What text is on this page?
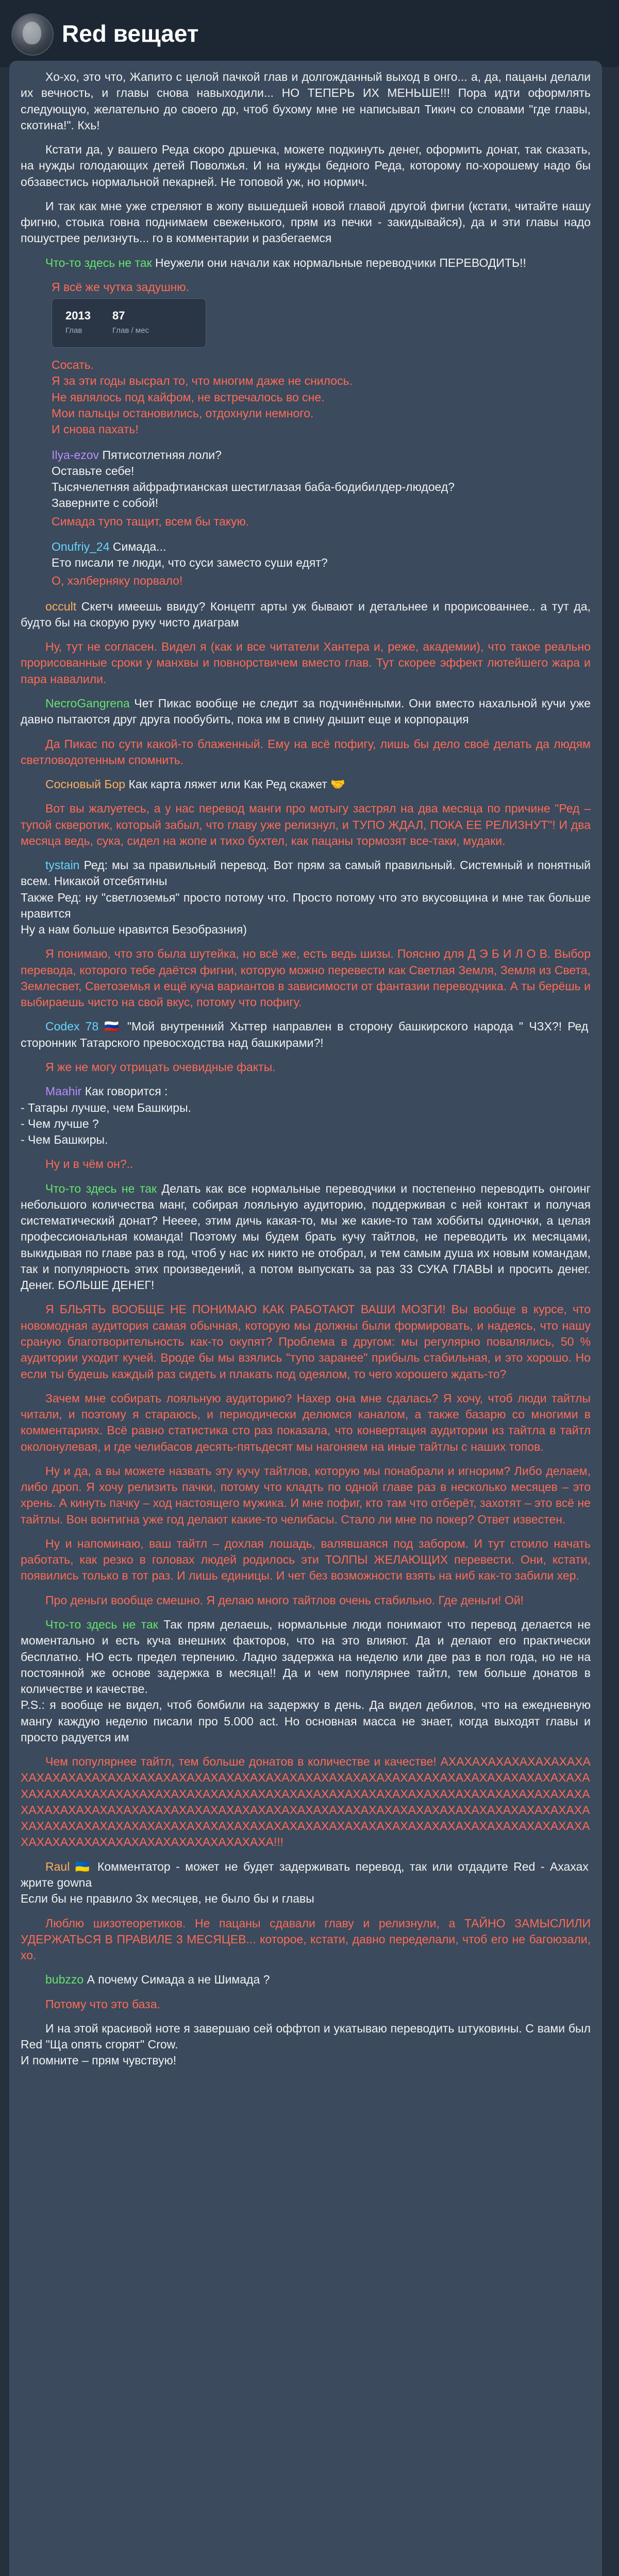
Red вещает

Хо-хо, это что, Жапито с целой пачкой глав и долгожданный выход в онго... а, да, пацаны делали их вечность, и главы снова навыходили... НО ТЕПЕРЬ ИХ МЕНЬШЕ!!! Пора идти оформлять следующую, желательно до своего др, чтоб бухому мне не написывал Тикич со словами "где главы, скотина!". Кхь!

Кстати да, у вашего Реда скоро дршечка, можете подкинуть денег, оформить донат, так сказать, на нужды голодающих детей Поволжья. И на нужды бедного Реда, которому по-хорошему надо бы обзавестись нормальной пекарней. Не топовой уж, но нормич.

И так как мне уже стреляют в жопу вышедшей новой главой другой фигни (кстати, читайте нашу фигню, стоыка говна поднимаем свеженького, прям из печки - закидывайся), да и эти главы надо пошустрее релизнуть... го в комментарии и разбегаемся

Что-то здесь не так Неужели они начали как нормальные переводчики ПЕРЕВОДИТЬ!!

Я всё же чутка задушню.
2013
Глав
87
Глав / мес
Сосать.
Я за эти годы высрал то, что многим даже не снилось.
Не являлось под кайфом, не встречалось во сне.
Мои пальцы остановились, отдохнули немного.
И снова пахать!
Ilya-ezov Пятисотлетняя лоли?
Оставьте себе!
Тысячелетняя айфрафтианская шестиглазая баба-бодибилдер-людоед?
Завернитe с собой!
Симада тупо тащит, всем бы такую.
Onufriy_24 Симада...
Ето писали те люди, что суси заместо суши едят?
О, хэлберняку порвало!

occult Скетч имеешь ввиду? Концепт арты уж бывают и детальнее и прорисованнее.. а тут да, будто бы на скорую руку чисто диаграм

Ну, тут не согласен. Видел я (как и все читатели Хантера и, реже, академии), что такое реально прорисованные сроки у манхвы и повнорствичем вместо глав. Тут скорее эффект лютейшего жара и пара навалили.

NecroGangrena Чет Пикас вообще не следит за подчинёнными. Они вместо нахальной кучи уже давно пытаются друг друга пообубить, пока им в спину дышит еще и корпорация

Да Пикас по сути какой-то блаженный. Ему на всё пофигу, лишь бы дело своё делать да людям светловодотенным спомнить.

Сосновый Бор Как карта ляжет или Как Ред скажет 🤝

Вот вы жалуетесь, а у нас перевод манги про мотыгу застрял на два месяца по причине "Ред – тупой скверотик, который забыл, что главу уже релизнул, и ТУПО ЖДАЛ, ПОКА ЕЕ РЕЛИЗНУТ"! И два месяца ведь, сука, сидел на жопе и тихо бухтел, как пацаны тормозят все-таки, мудаки.

tystain Ред: мы за правильный перевод. Вот прям за самый правильный. Системный и понятный всем. Никакой отсебятины
Также Ред: ну "светлоземья" просто потому что. Просто потому что это вкусовщина и мне так больше нравится
Ну а нам больше нравится Безобразния)

Я понимаю, что это была шутейка, но всё же, есть ведь шизы. Поясню для Д Э Б И Л О В. Выбор перевода, которого тебе даётся фигни, которую можно перевести как Светлая Земля, Земля из Света, Землесвет, Светоземья и ещё куча вариантов в зависимости от фантазии переводчика. А ты берёшь и выбираешь чисто на свой вкус, потому что пофигу.

Codex 78 🇷🇺 "Мой внутренний Хьттер направлен в сторону башкирского народа " ЧЗХ?! Ред сторонник Татарского превосходства над башкирами?!

Я же не могу отрицать очевидные факты.

Maahir Как говорится :
- Татары лучше, чем Башкиры.
- Чем лучше ?
- Чем Башкиры.

Ну и в чём он?..

Что-то здесь не так Делать как все нормальные переводчики и постепенно переводить онгоинг небольшого количества манг, собирая лояльную аудиторию, поддерживая с ней контакт и получая систематический донат? Нееее, этим дичь какая-то, мы же какие-то там хоббиты одиночки, а целая профессиональная команда! Поэтому мы будем брать кучу тайтлов, не переводить их месяцами, выкидывая по главе раз в год, чтоб у нас их никто не отобрал, и тем самым душа их новым командам, так и популярность этих произведений, а потом выпускать за раз 33 СУКА ГЛАВЫ и просить денег. Денег. БОЛЬШЕ ДЕНЕГ!

Я БЛЬЯТЬ ВООБЩЕ НЕ ПОНИМАЮ КАК РАБОТАЮТ ВАШИ МОЗГИ! Вы вообще в курсе, что новомодная аудитория самая обычная, которую мы должны были формировать, и надеясь, что нашу сраную благотворительность как-то окупят? Проблема в другом: мы регулярно повалялись, 50 % аудитории уходит кучей. Вроде бы мы взялись "тупо заранее" прибыль стабильная, и это хорошо. Но если ты будешь каждый раз сидеть и плакать под одеялом, то чего хорошего ждать-то?

Зачем мне собирать лояльную аудиторию? Нахер она мне сдалась? Я хочу, чтоб люди тайтлы читали, и поэтому я стараюсь, и периодически делюмся каналом, а также базарю со многими в комментариях. Всё равно статистика сто раз показала, что конвертация аудитории из тайтла в тайтл околонулевая, и где челибасов десять-пятьдесят мы нагоняем на иные тайтлы с наших топов.

Ну и да, а вы можете назвать эту кучу тайтлов, которую мы понабрали и игнорим? Либо делаем, либо дроп. Я хочу релизить пачки, потому что кладть по одной главе раз в несколько месяцев – это хрень. А кинуть пачку – ход настоящего мужика. И мне пофиг, кто там что отберёт, захотят – это всё не тайтлы. Вон вонтигна уже год делают какие-то челибасы. Стало ли мне по покер? Ответ известен.

Ну и напоминаю, ваш тайтл – дохлая лошадь, валявшаяся под забором. И тут стоило начать работать, как резко в головах людей родилось эти ТОЛПЫ ЖЕЛАЮЩИХ перевести. Они, кстати, появились только в тот раз. И лишь единицы. И чет без возможности взять на ниб как-то забили хер.

Про деньги вообще смешно. Я делаю много тайтлов очень стабильно. Где деньги! Ой!

Что-то здесь не так Так прям делаешь, нормальные люди понимают что перевод делается не моментально и есть куча внешних факторов, что на это влияют. Да и делают его практически бесплатно. НО есть предел терпению. Ладно задержка на неделю или две раз в пол года, но не на постоянной же основе задержка в месяца!! Да и чем популярнее тайтл, тем больше донатов в количестве и качестве.
P.S.: я вообще не видел, чтоб бомбили на задержку в день. Да видел дебилов, что на ежедневную мангу каждую неделю писали про 5.000 act. Но основная масса не знает, когда выходят главы и просто радуется им

Чем популярнее тайтл, тем больше донатов в количестве и качестве! АХАХАХАХАХАХАХАХАХАХАХАХАХАХАХАХАХАХАХАХАХАХАХАХАХАХАХАХАХАХАХАХАХАХАХАХАХАХАХАХАХАХАХАХАХАХАХАХАХАХАХАХАХАХАХАХАХАХАХАХАХАХАХАХАХАХАХАХАХАХАХАХАХАХАХАХАХАХАХАХАХАХАХАХАХАХАХАХАХАХАХАХАХАХАХАХАХАХАХАХАХАХАХАХАХАХАХАХАХАХАХАХАХАХАХАХАХАХАХАХАХАХАХАХАХАХАХАХАХАХАХАХАХАХАХАХАХАХАХАХАХАХАХАХАХАХАХАХАХАХАХАХАХАХАХАХАХАХАХАХАХАХАХАХАХАХАХАХАХА!!!

Raul 🇺🇦 Комментатор - может не будет задерживать перевод, так или отдадите Red - Ахахах жрите gowna
Если бы не правило 3х месяцев, не было бы и главы

Люблю шизотеоретиков. Не пацаны сдавали главу и релизнули, а ТАЙНО ЗАМЫСЛИЛИ УДЕРЖАТЬСЯ В ПРАВИЛЕ 3 МЕСЯЦЕВ... которое, кстати, давно переделали, чтоб его не багоюзали, хо.

bubzzo А почему Симада а не Шимада ?

Потому что это база.

И на этой красивой ноте я завершаю сей оффтоп и укатываю переводить штуковины. С вами был Red "Ща опять сгорят" Crow.
И помните – прям чувствую!
